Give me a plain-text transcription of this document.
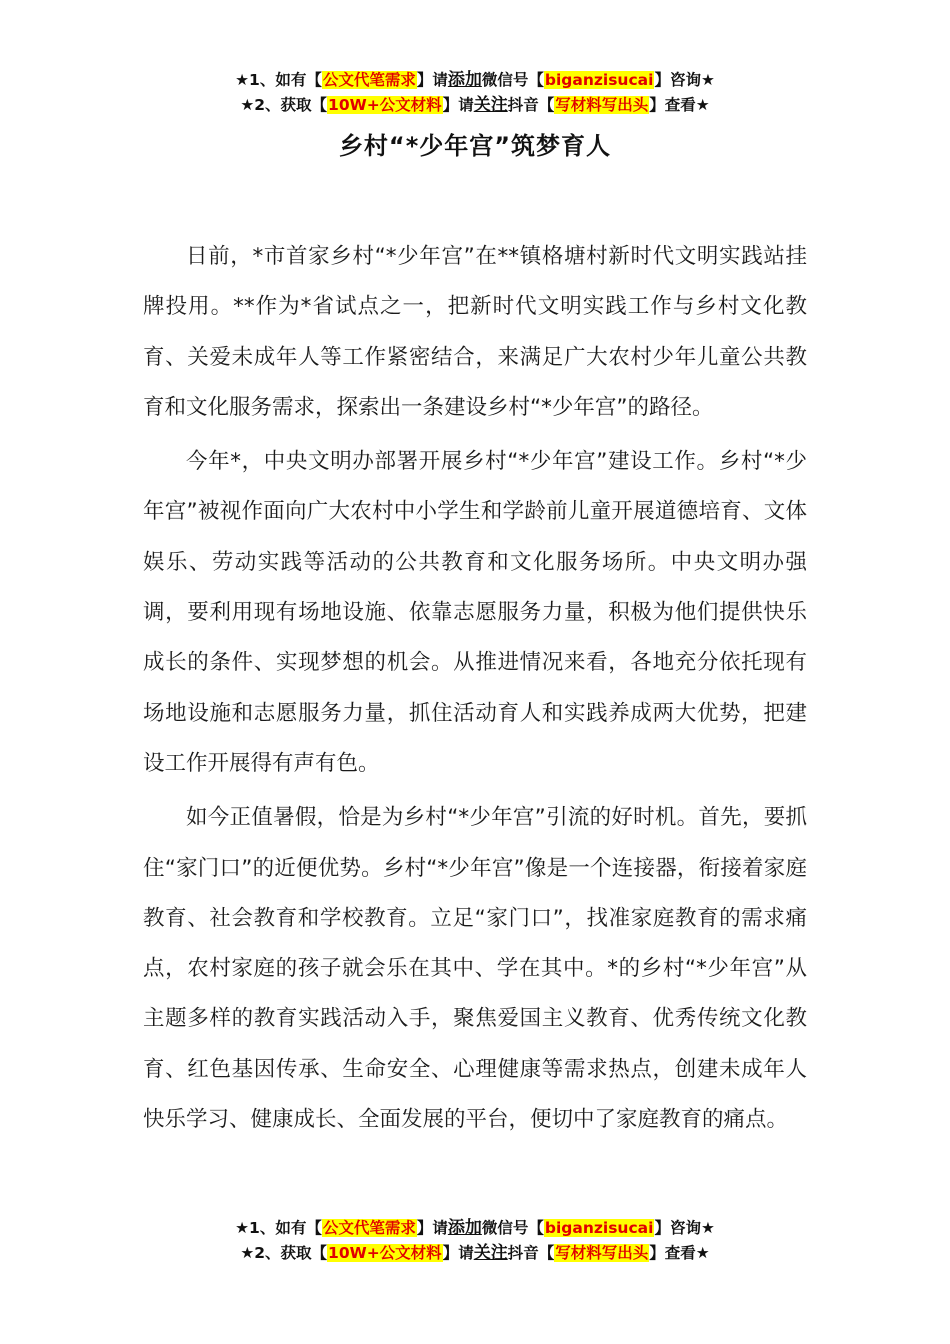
★1、如有【公文代笔需求】请添加微信号【biganzisucai】咨询★
★2、获取【10W+公文材料】请关注抖音【写材料写出头】查看★
乡村“*少年宫”筑梦育人

日前，*市首家乡村“*少年宫”在**镇格塘村新时代文明实践站挂牌投用。**作为*省试点之一，把新时代文明实践工作与乡村文化教育、关爱未成年人等工作紧密结合，来满足广大农村少年儿童公共教育和文化服务需求，探索出一条建设乡村“*少年宫”的路径。

今年*，中央文明办部署开展乡村“*少年宫”建设工作。乡村“*少年宫”被视作面向广大农村中小学生和学龄前儿童开展道德培育、文体娱乐、劳动实践等活动的公共教育和文化服务场所。中央文明办强调，要利用现有场地设施、依靠志愿服务力量，积极为他们提供快乐成长的条件、实现梦想的机会。从推进情况来看，各地充分依托现有场地设施和志愿服务力量，抓住活动育人和实践养成两大优势，把建设工作开展得有声有色。

如今正值暑假，恰是为乡村“*少年宫”引流的好时机。首先，要抓住“家门口”的近便优势。乡村“*少年宫”像是一个连接器，衔接着家庭教育、社会教育和学校教育。立足“家门口”，找准家庭教育的需求痛点，农村家庭的孩子就会乐在其中、学在其中。*的乡村“*少年宫”从主题多样的教育实践活动入手，聚焦爱国主义教育、优秀传统文化教育、红色基因传承、生命安全、心理健康等需求热点，创建未成年人快乐学习、健康成长、全面发展的平台，便切中了家庭教育的痛点。

★1、如有【公文代笔需求】请添加微信号【biganzisucai】咨询★
★2、获取【10W+公文材料】请关注抖音【写材料写出头】查看★
